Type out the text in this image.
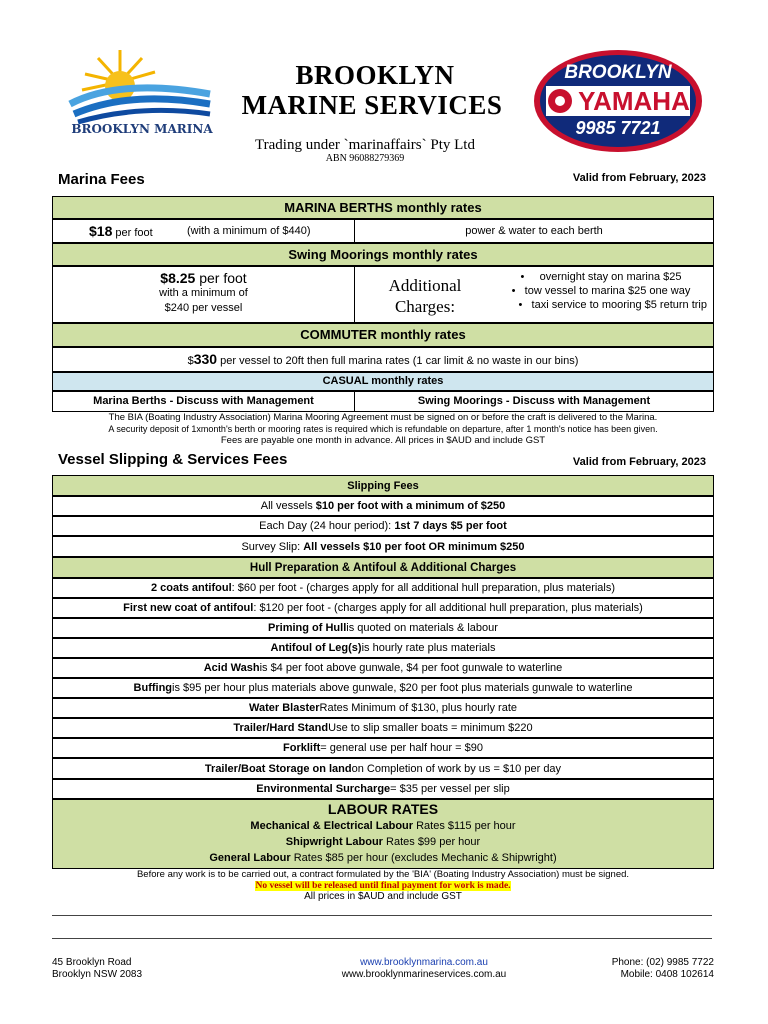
BROOKLYN MARINA
BROOKLYN
MARINE SERVICES
Trading under `marinaffairs` Pty Ltd
ABN 96088279369
BROOKLYN
YAMAHA
9985 7721
Marina Fees	Valid from February, 2023
MARINA BERTHS monthly rates
$18 per foot	(with a minimum of $440)	power & water to each berth
Swing Moorings monthly rates
$8.25 per foot
with a minimum of
$240 per vessel
Additional
Charges:
•     overnight stay on marina $25
•   tow vessel to marina $25 one way
•   taxi service to mooring $5 return trip
COMMUTER monthly rates
$330 per vessel to 20ft then full marina rates (1 car limit & no waste in our bins)
CASUAL monthly rates
Marina Berths - Discuss with Management	Swing Moorings - Discuss with Management
The BIA (Boating Industry Association) Marina Mooring Agreement must be signed on or before the craft is delivered to the Marina.
A security deposit of 1xmonth's berth or mooring rates is required which is refundable on departure, after 1 month's notice has been given.
Fees are payable one month in advance. All prices in $AUD and include GST
Vessel Slipping & Services Fees	Valid from February, 2023
Slipping Fees
All vessels
$10 per foot with a minimum of $250
Each Day (24 hour period):
1st 7 days $5 per foot
Survey Slip:
All vessels $10 per foot OR minimum $250
Hull Preparation & Antifoul & Additional Charges
2 coats antifoul : $60 per foot - (charges apply for all additional hull preparation, plus materials)
First new coat of antifoul : $120 per foot - (charges apply for all additional hull preparation, plus materials)
Priming of Hull is quoted on materials & labour
Antifoul of Leg(s) is hourly rate plus materials
Acid Wash is $4 per foot above gunwale, $4 per foot gunwale to waterline
Buffing is $95 per hour plus materials above gunwale, $20 per foot plus materials gunwale to waterline
Water Blaster Rates Minimum of $130, plus hourly rate
Trailer/Hard Stand Use to slip smaller boats = minimum $220
Forklift = general use per half hour = $90
Trailer/Boat Storage on land on Completion of work by us = $10 per day
Environmental Surcharge = $35 per vessel per slip
LABOUR RATES
Mechanical & Electrical Labour Rates $115 per hour
Shipwright Labour Rates $99 per hour
General Labour Rates $85 per hour (excludes Mechanic & Shipwright)
Before any work is to be carried out, a contract formulated by the 'BIA' (Boating Industry Association) must be signed.
No vessel will be released until final payment for work is made.
All prices in $AUD and include GST
45 Brooklyn Road
Brooklyn NSW 2083
www.brooklynmarina.com.au
www.brooklynmarineservices.com.au
Phone: (02) 9985 7722
Mobile: 0408 102614
